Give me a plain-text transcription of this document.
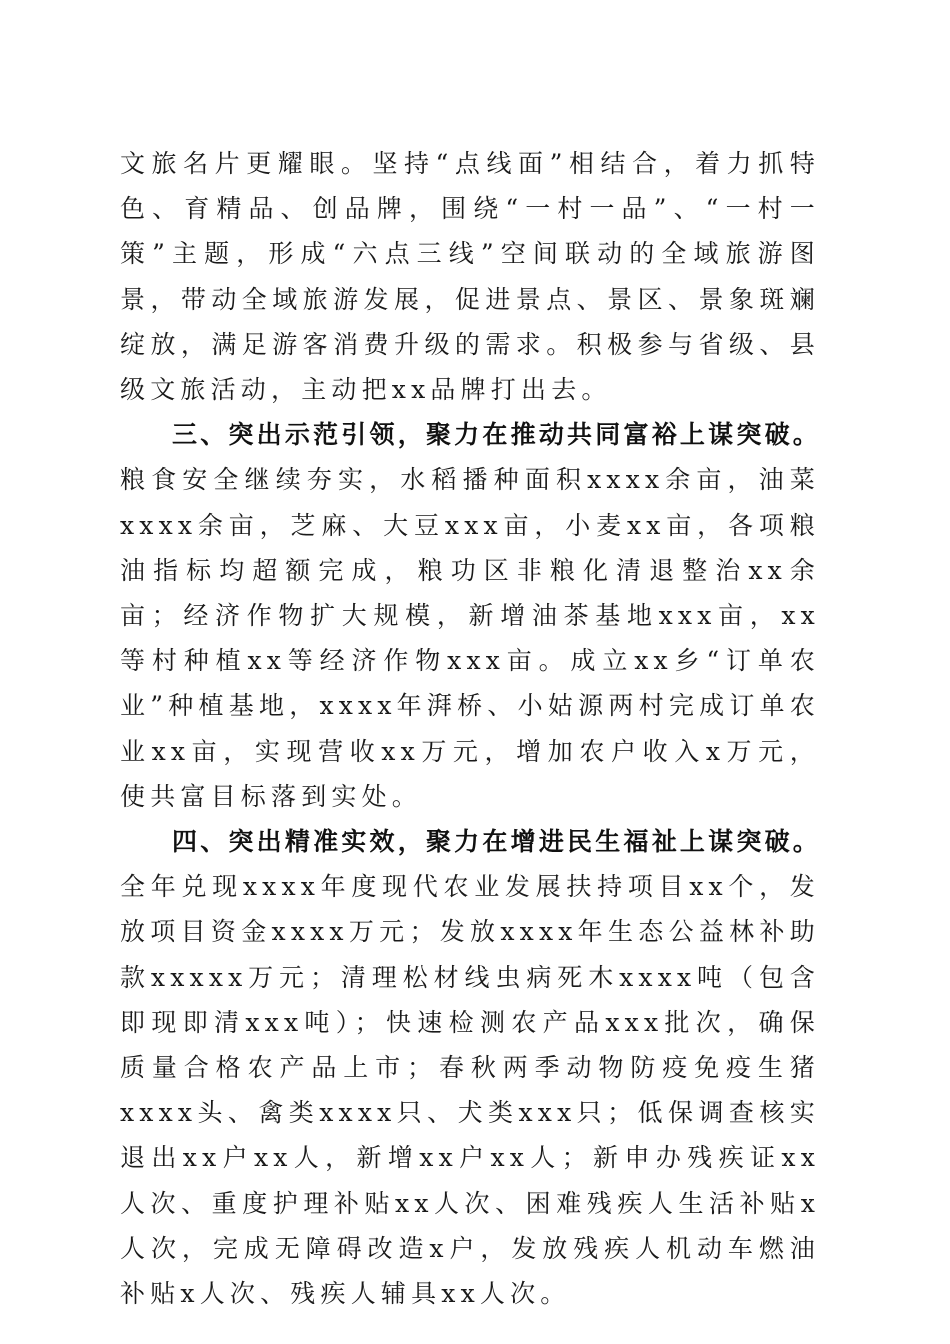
文旅名片更耀眼。坚持“点线面”相结合，着力抓特色、育精品、创品牌，围绕“一村一品”、“一村一策”主题，形成“六点三线”空间联动的全域旅游图景，带动全域旅游发展，促进景点、景区、景象斑斓绽放，满足游客消费升级的需求。积极参与省级、县级文旅活动，主动把xx品牌打出去。

三、突出示范引领，聚力在推动共同富裕上谋突破。粮食安全继续夯实，水稻播种面积xxxx余亩，油菜xxxx余亩，芝麻、大豆xxx亩，小麦xx亩，各项粮油指标均超额完成，粮功区非粮化清退整治xx余亩；经济作物扩大规模，新增油茶基地xxx亩，xx等村种植xx等经济作物xxx亩。成立xx乡“订单农业”种植基地，xxxx年湃桥、小姑源两村完成订单农业xx亩，实现营收xx万元，增加农户收入x万元，使共富目标落到实处。

四、突出精准实效，聚力在增进民生福祉上谋突破。全年兑现xxxx年度现代农业发展扶持项目xx个，发放项目资金xxxx万元；发放xxxx年生态公益林补助款xxxxx万元；清理松材线虫病死木xxxx吨（包含即现即清xxx吨）；快速检测农产品xxx批次，确保质量合格农产品上市；春秋两季动物防疫免疫生猪xxxx头、禽类xxxx只、犬类xxx只；低保调查核实退出xx户xx人，新增xx户xx人；新申办残疾证xx人次、重度护理补贴xx人次、困难残疾人生活补贴x人次，完成无障碍改造x户，发放残疾人机动车燃油补贴x人次、残疾人辅具xx人次。
